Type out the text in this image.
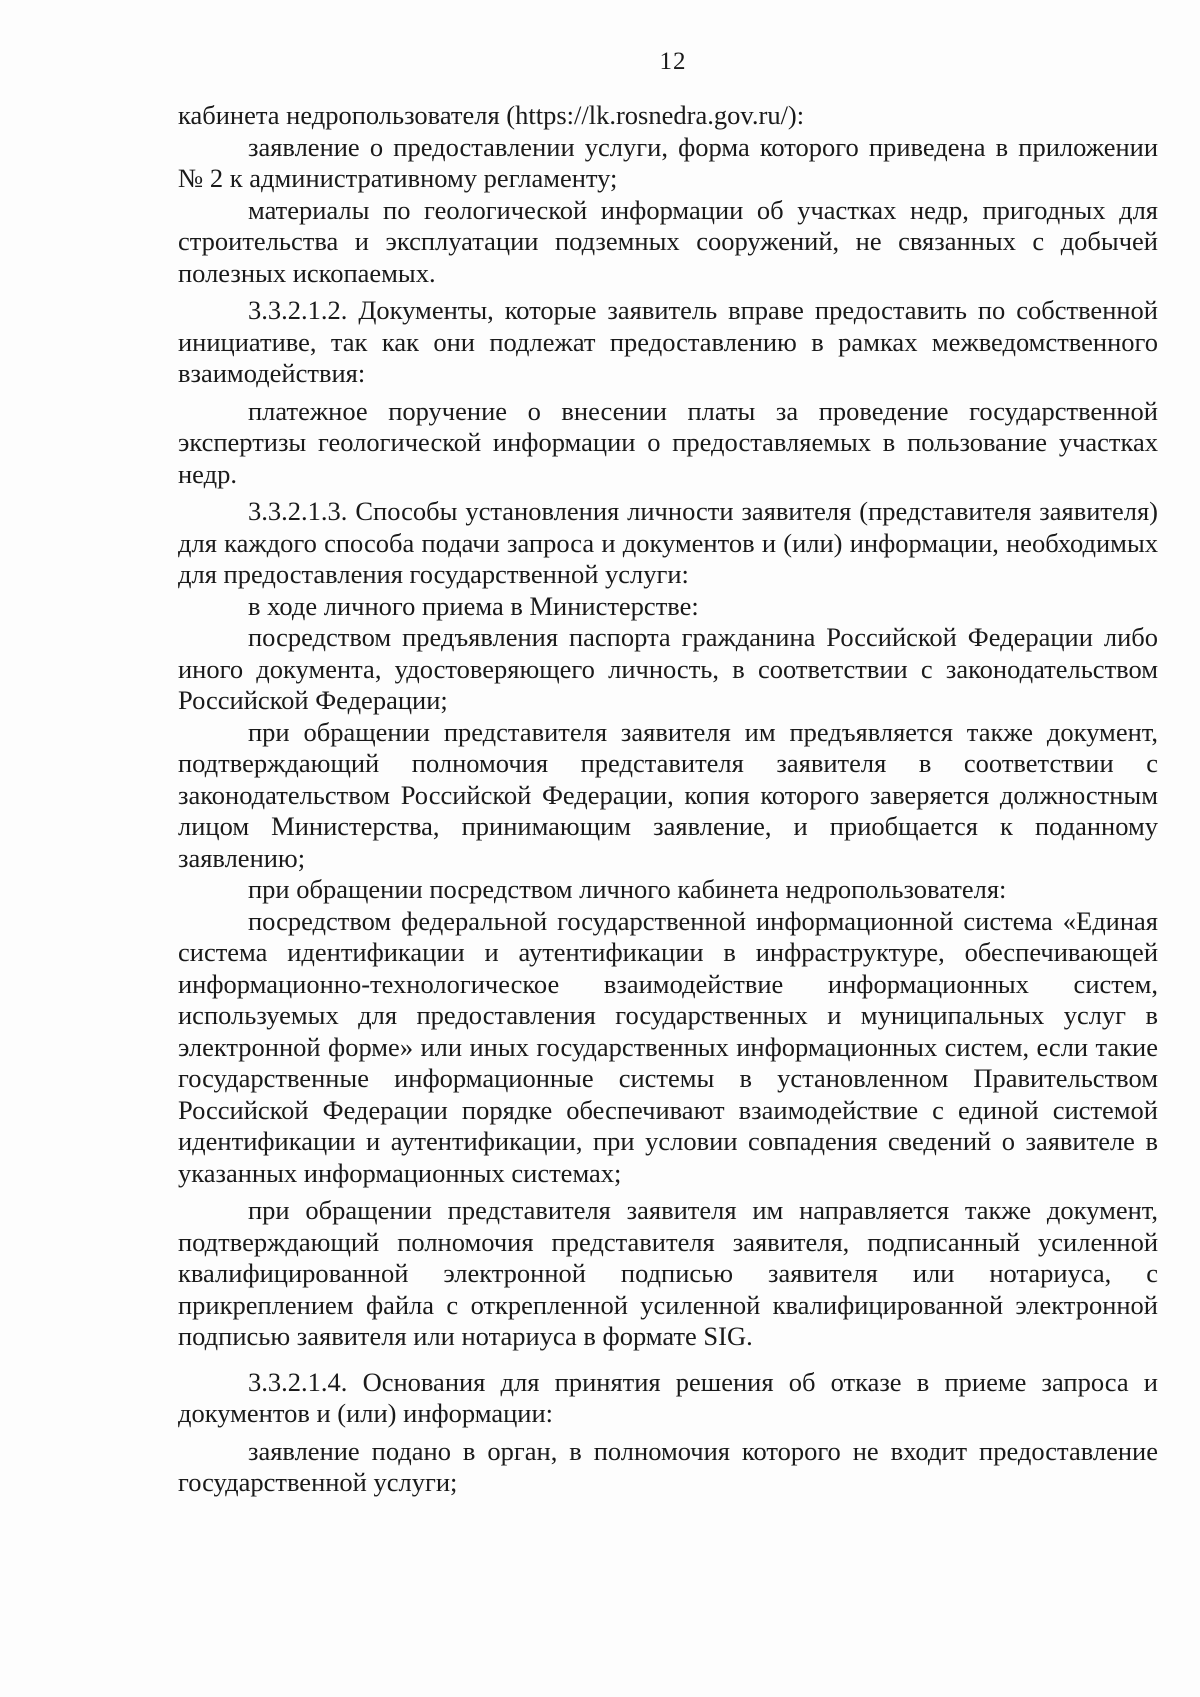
12

кабинета недропользователя (https://lk.rosnedra.gov.ru/):

заявление о предоставлении услуги, форма которого приведена в приложении № 2 к административному регламенту;

материалы по геологической информации об участках недр, пригодных для строительства и эксплуатации подземных сооружений, не связанных с добычей полезных ископаемых.

3.3.2.1.2. Документы, которые заявитель вправе предоставить по собственной инициативе, так как они подлежат предоставлению в рамках межведомственного взаимодействия:

платежное поручение о внесении платы за проведение государственной экспертизы геологической информации о предоставляемых в пользование участках недр.

3.3.2.1.3. Способы установления личности заявителя (представителя заявителя) для каждого способа подачи запроса и документов и (или) информации, необходимых для предоставления государственной услуги:

в ходе личного приема в Министерстве:

посредством предъявления паспорта гражданина Российской Федерации либо иного документа, удостоверяющего личность, в соответствии с законодательством Российской Федерации;

при обращении представителя заявителя им предъявляется также документ, подтверждающий полномочия представителя заявителя в соответствии с законодательством Российской Федерации, копия которого заверяется должностным лицом Министерства, принимающим заявление, и приобщается к поданному заявлению;

при обращении посредством личного кабинета недропользователя:

посредством федеральной государственной информационной система «Единая система идентификации и аутентификации в инфраструктуре, обеспечивающей информационно-технологическое взаимодействие информационных систем, используемых для предоставления государственных и муниципальных услуг в электронной форме» или иных государственных информационных систем, если такие государственные информационные системы в установленном Правительством Российской Федерации порядке обеспечивают взаимодействие с единой системой идентификации и аутентификации, при условии совпадения сведений о заявителе в указанных информационных системах;

при обращении представителя заявителя им направляется также документ, подтверждающий полномочия представителя заявителя, подписанный усиленной квалифицированной электронной подписью заявителя или нотариуса, с прикреплением файла с открепленной усиленной квалифицированной электронной подписью заявителя или нотариуса в формате SIG.

3.3.2.1.4. Основания для принятия решения об отказе в приеме запроса и документов и (или) информации:

заявление подано в орган, в полномочия которого не входит предоставление государственной услуги;
